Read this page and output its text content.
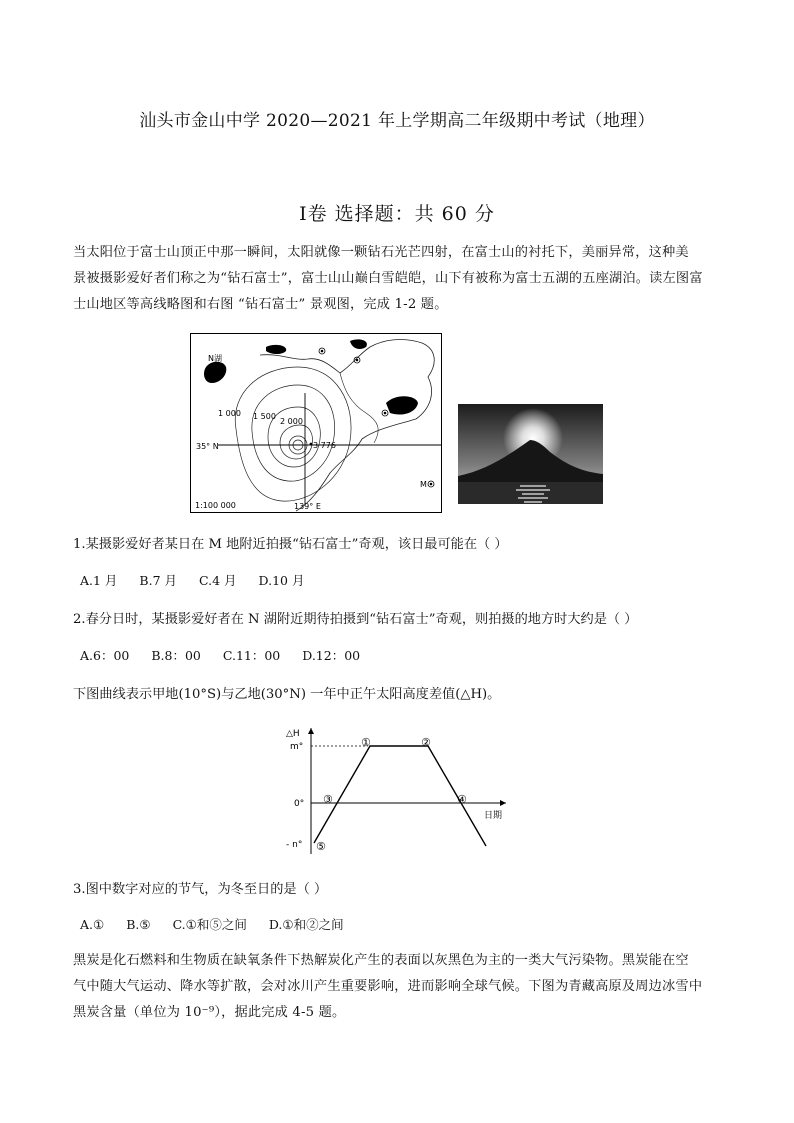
汕头市金山中学 2020—2021 年上学期高二年级期中考试（地理）
Ⅰ卷 选择题：共 60 分
当太阳位于富士山顶正中那一瞬间，太阳就像一颗钻石光芒四射，在富士山的衬托下，美丽异常，这种美
景被摄影爱好者们称之为“钻石富士”，富士山山巅白雪皑皑，山下有被称为富士五湖的五座湖泊。读左图富
士山地区等高线略图和右图 “钻石富士” 景观图，完成 1-2 题。
N湖
M
1 000 1 500
2 000
3 776
35° N
139° E
1:100 000
1.某摄影爱好者某日在 M 地附近拍摄“钻石富士”奇观，该日最可能在（ ）
A.1 月 B.7 月 C.4 月 D.10 月
2.春分日时，某摄影爱好者在 N 湖附近期待拍摄到“钻石富士”奇观，则拍摄的地方时大约是（ ）
A.6：00 B.8：00 C.11：00 D.12：00
下图曲线表示甲地(10°S)与乙地(30°N) 一年中正午太阳高度差值(△H)。
△H
m°
0°
- n°
日期
①	②
③	④
⑤
3.图中数字对应的节气，为冬至日的是（ ）
A.① B.⑤ C.①和⑤之间 D.①和②之间
黑炭是化石燃料和生物质在缺氧条件下热解炭化产生的表面以灰黑色为主的一类大气污染物。黑炭能在空
气中随大气运动、降水等扩散，会对冰川产生重要影响，进而影响全球气候。下图为青藏高原及周边冰雪中
黑炭含量（单位为 10⁻⁹），据此完成 4-5 题。
